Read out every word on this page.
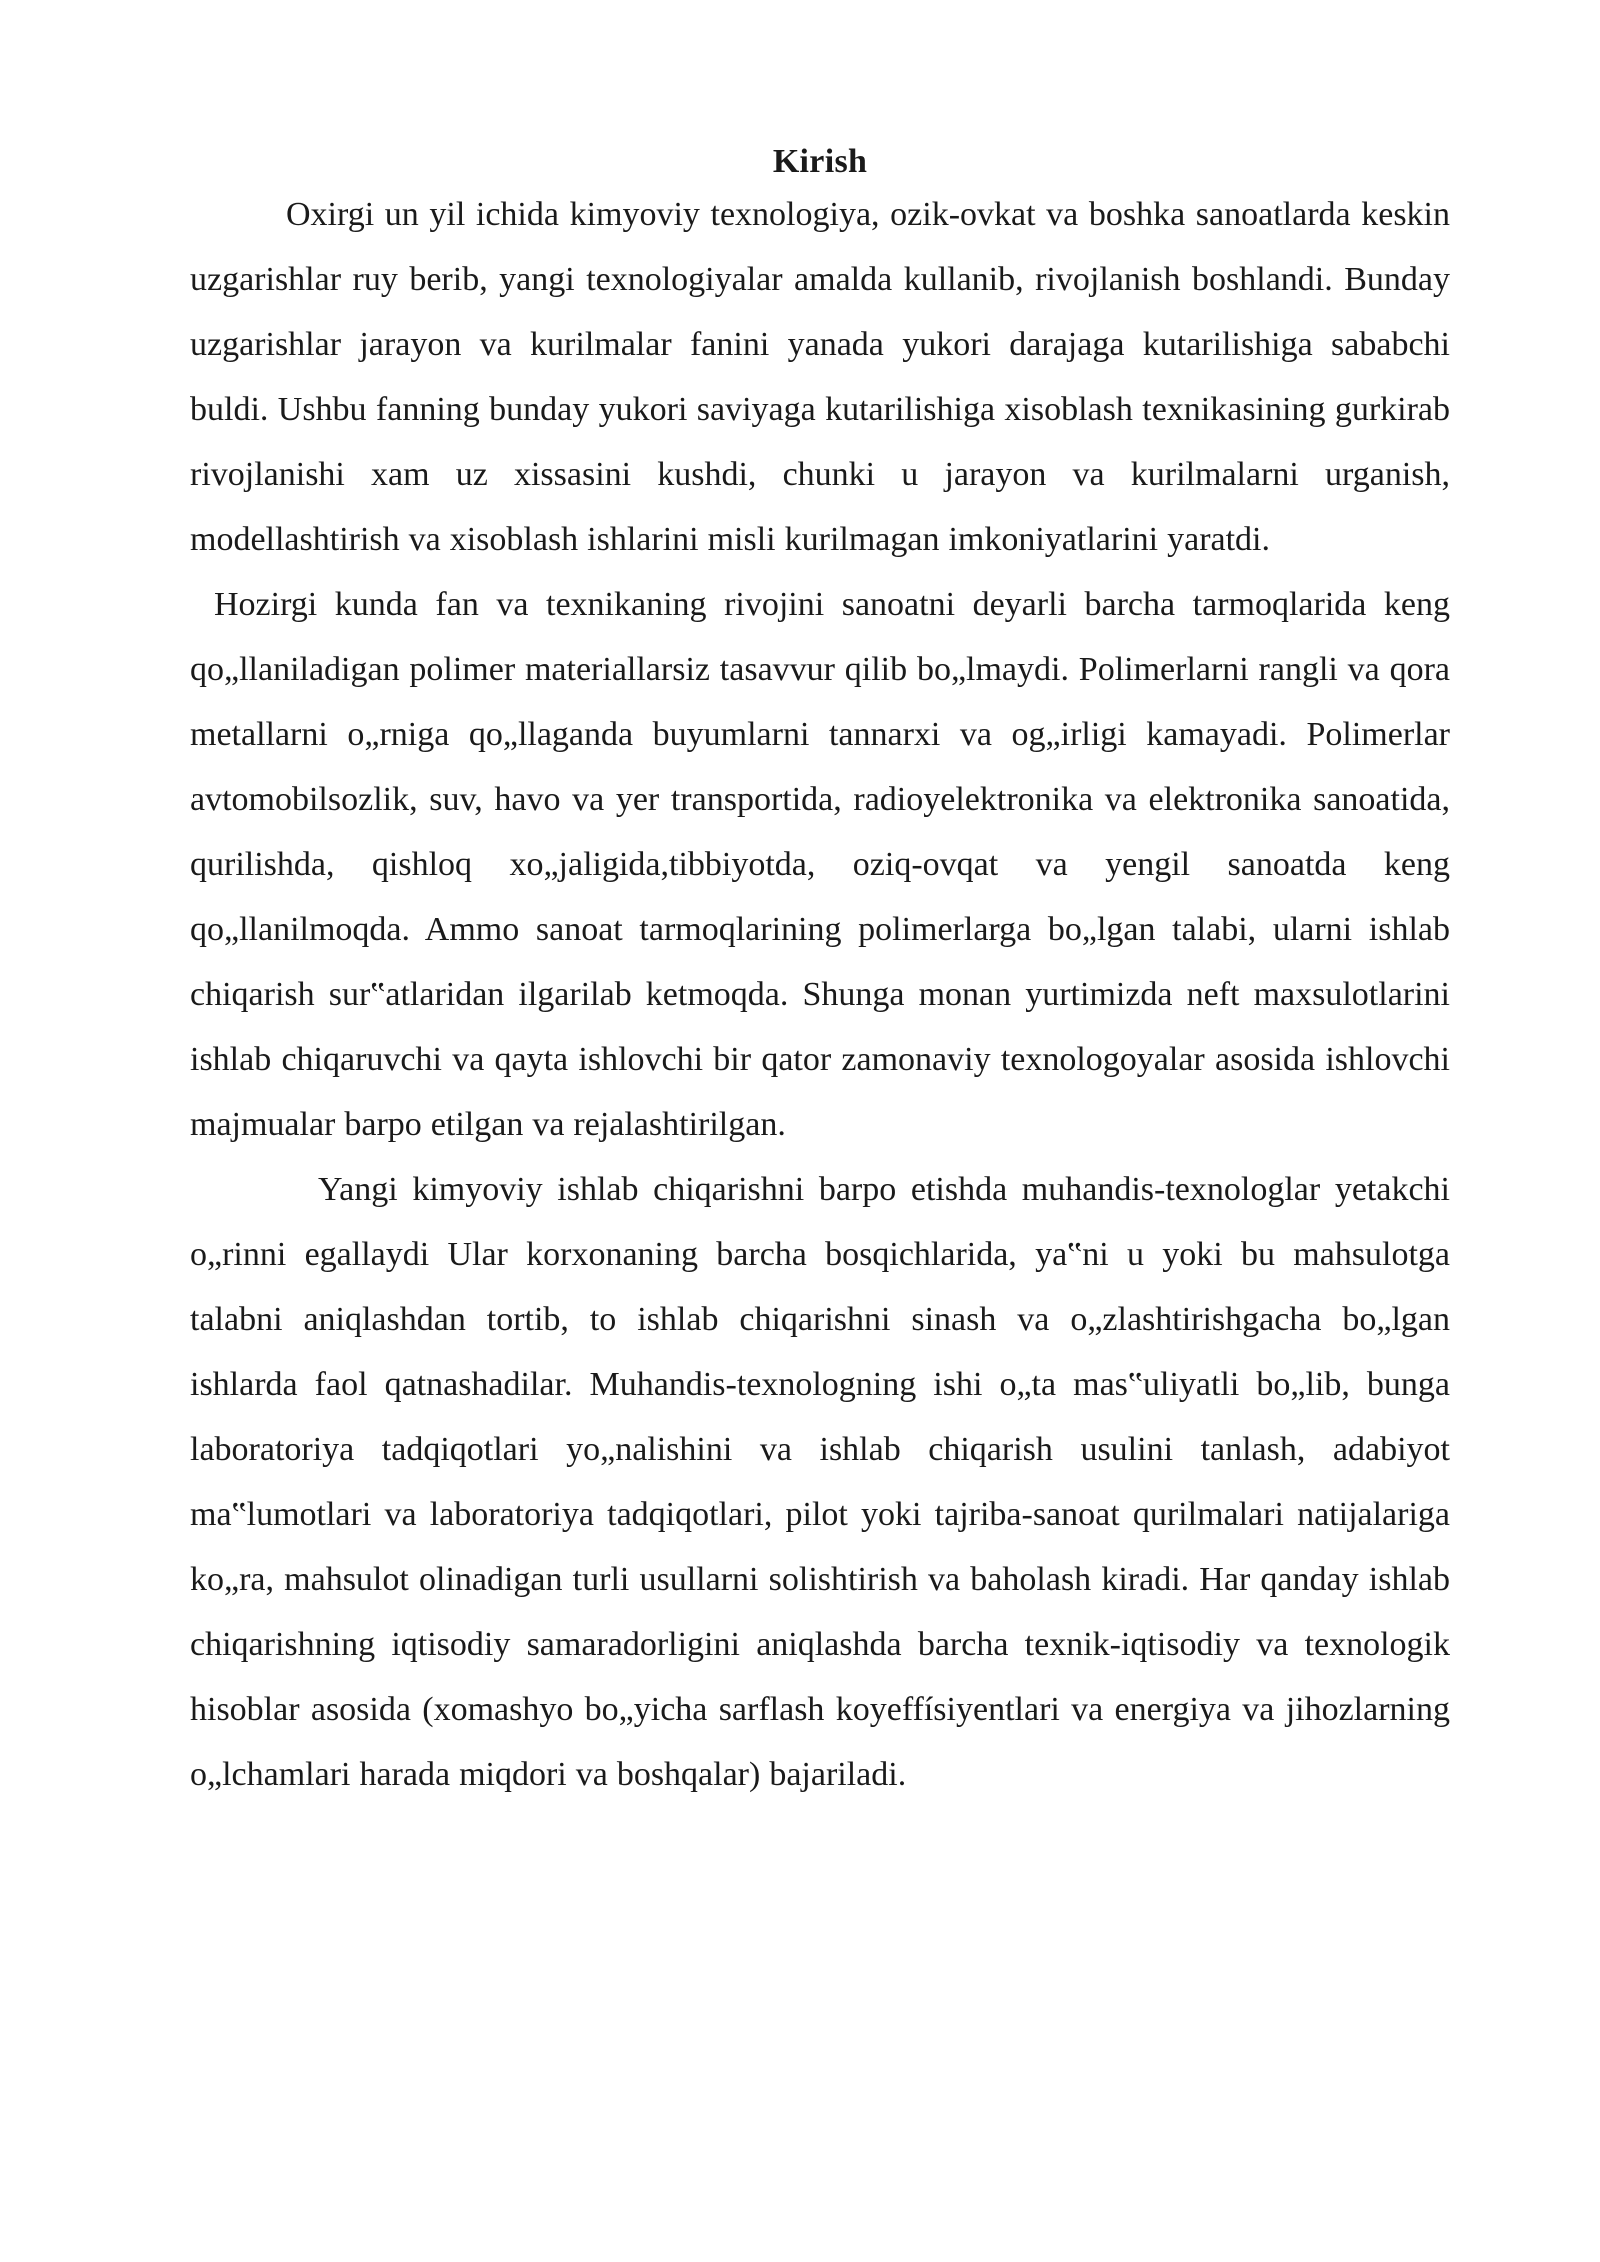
Kirish

Oxirgi un yil ichida kimyoviy texnologiya, ozik-ovkat va boshka sanoatlarda keskin uzgarishlar ruy berib, yangi texnologiyalar amalda kullanib, rivojlanish boshlandi. Bunday uzgarishlar jarayon va kurilmalar fanini yanada yukori darajaga kutarilishiga sababchi buldi. Ushbu fanning bunday yukori saviyaga kutarilishiga xisoblash texnikasining gurkirab rivojlanishi xam uz xissasini kushdi, chunki u jarayon va kurilmalarni urganish, modellashtirish va xisoblash ishlarini misli kurilmagan imkoniyatlarini yaratdi.

Hozirgi kunda fan va texnikaning rivojini sanoatni deyarli barcha tarmoqlarida keng qo„llaniladigan polimer materiallarsiz tasavvur qilib bo„lmaydi. Polimerlarni rangli va qora metallarni o„rniga qo„llaganda buyumlarni tannarxi va og„irligi kamayadi. Polimerlar avtomobilsozlik, suv, havo va yer transportida, radioyelektronika va elektronika sanoatida, qurilishda, qishloq xo„jaligida,tibbiyotda, oziq-ovqat va yengil sanoatda keng qo„llanilmoqda. Ammo sanoat tarmoqlarining polimerlarga bo„lgan talabi, ularni ishlab chiqarish sur‟atlaridan ilgarilab ketmoqda. Shunga monan yurtimizda neft maxsulotlarini ishlab chiqaruvchi va qayta ishlovchi bir qator zamonaviy texnologoyalar asosida ishlovchi majmualar barpo etilgan va rejalashtirilgan.

Yangi kimyoviy ishlab chiqarishni barpo etishda muhandis-texnologlar yetakchi o„rinni egallaydi Ular korxonaning barcha bosqichlarida, ya‟ni u yoki bu mahsulotga talabni aniqlashdan tortib, to ishlab chiqarishni sinash va o„zlashtirishgacha bo„lgan ishlarda faol qatnashadilar. Muhandis-texnologning ishi o„ta mas‟uliyatli bo„lib, bunga laboratoriya tadqiqotlari yo„nalishini va ishlab chiqarish usulini tanlash, adabiyot ma‟lumotlari va laboratoriya tadqiqotlari, pilot yoki tajriba-sanoat qurilmalari natijalariga ko„ra, mahsulot olinadigan turli usullarni solishtirish va baholash kiradi. Har qanday ishlab chiqarishning iqtisodiy samaradorligini aniqlashda barcha texnik-iqtisodiy va texnologik hisoblar asosida (xomashyo bo„yicha sarflash koyeffísiyentlari va energiya va jihozlarning o„lchamlari harada miqdori va boshqalar) bajariladi.
